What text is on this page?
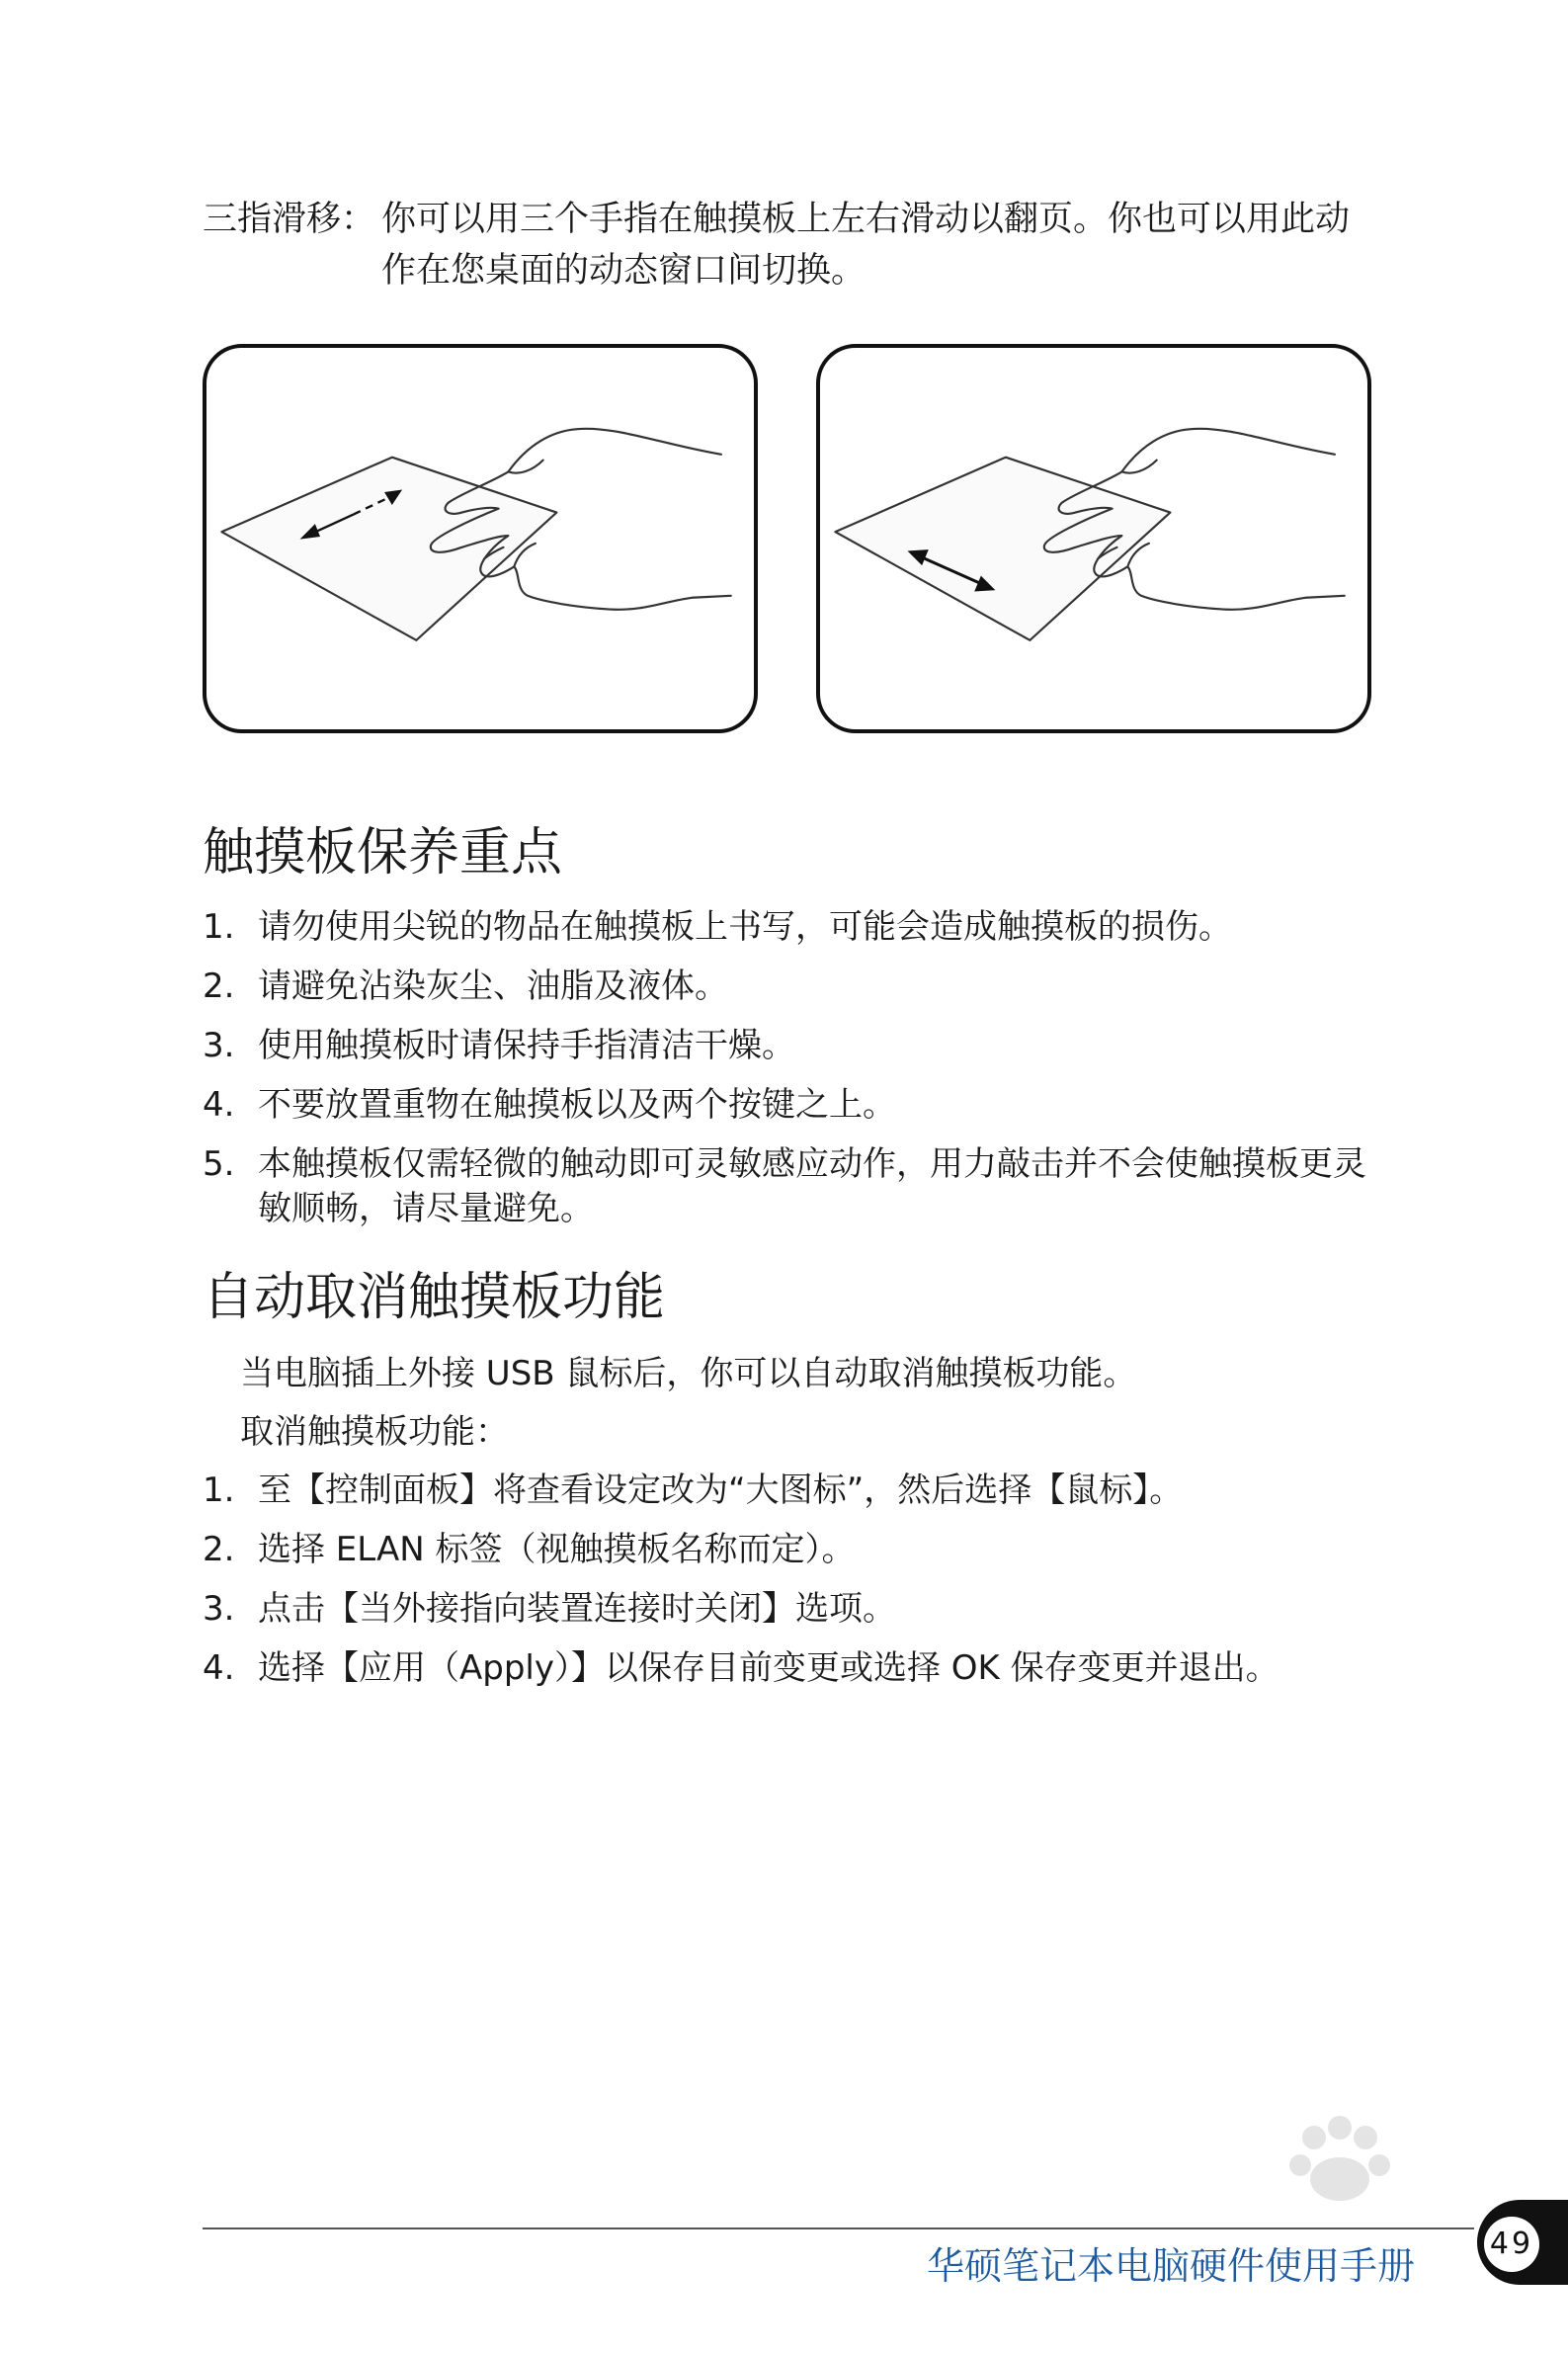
三指滑移： 你可以用三个手指在触摸板上左右滑动以翻页。你也可以用此动
作在您桌面的动态窗口间切换。
触摸板保养重点
1. 请勿使用尖锐的物品在触摸板上书写，可能会造成触摸板的损伤。
2. 请避免沾染灰尘、油脂及液体。
3. 使用触摸板时请保持手指清洁干燥。
4. 不要放置重物在触摸板以及两个按键之上。
5. 本触摸板仅需轻微的触动即可灵敏感应动作，用力敲击并不会使触摸板更灵敏顺畅，请尽量避免。
自动取消触摸板功能
当电脑插上外接 USB 鼠标后，你可以自动取消触摸板功能。
取消触摸板功能：
1. 至【控制面板】将查看设定改为“大图标”，然后选择【鼠标】。
2. 选择 ELAN 标签（视触摸板名称而定）。
3. 点击【当外接指向装置连接时关闭】选项。
4. 选择【应用（Apply）】以保存目前变更或选择 OK 保存变更并退出。
华硕笔记本电脑硬件使用手册
49
